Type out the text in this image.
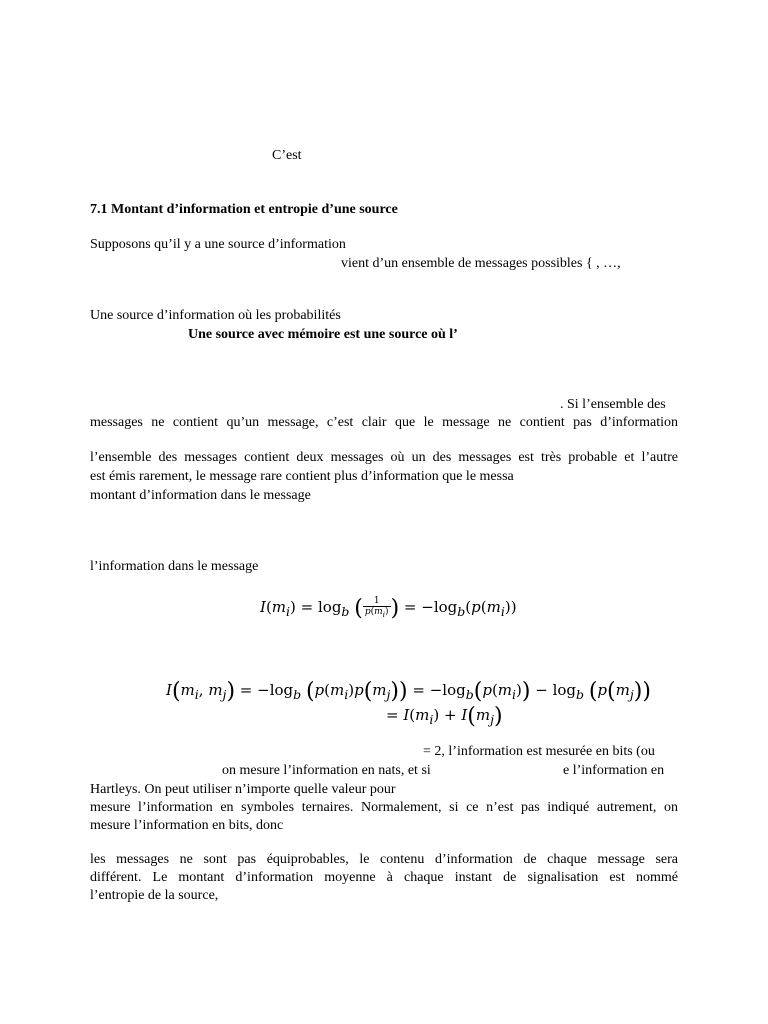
C’est
7.1 Montant d’information et entropie d’une source
Supposons qu’il y a une source d’information
vient d’un ensemble de messages possibles { , …,
Une source d’information où les probabilités
Une source avec mémoire est une source où l’
. Si l’ensemble des
messages ne contient qu’un message, c’est clair que le message ne contient pas d’information
l’ensemble des messages contient deux messages où un des messages est très probable et l’autre
est émis rarement, le message rare contient plus d’information que le messa
montant d’information dans le message
l’information dans le message
$I(m_i) = \log_b$ ( $\frac{1}{p(m_i)}$ ) = $-\log_b(p(m_i))$
$I(m_i$, $m_j) = -\log_b$ $(p(m_i)p(m_j)) = -\log_b(p(m_i)) - \log_b (p(m_j))$
= $I(m_i) + I(m_j)$
= 2, l’information est mesurée en bits (ou
on mesure l’information en nats, et si	e l’information en
Hartleys. On peut utiliser n’importe quelle valeur pour
mesure l’information en symboles ternaires. Normalement, si ce n’est pas indiqué autrement, on
mesure l’information en bits, donc
les messages ne sont pas équiprobables, le contenu d’information de chaque message sera
différent. Le montant d’information moyenne à chaque instant de signalisation est nommé
l’entropie de la source,
